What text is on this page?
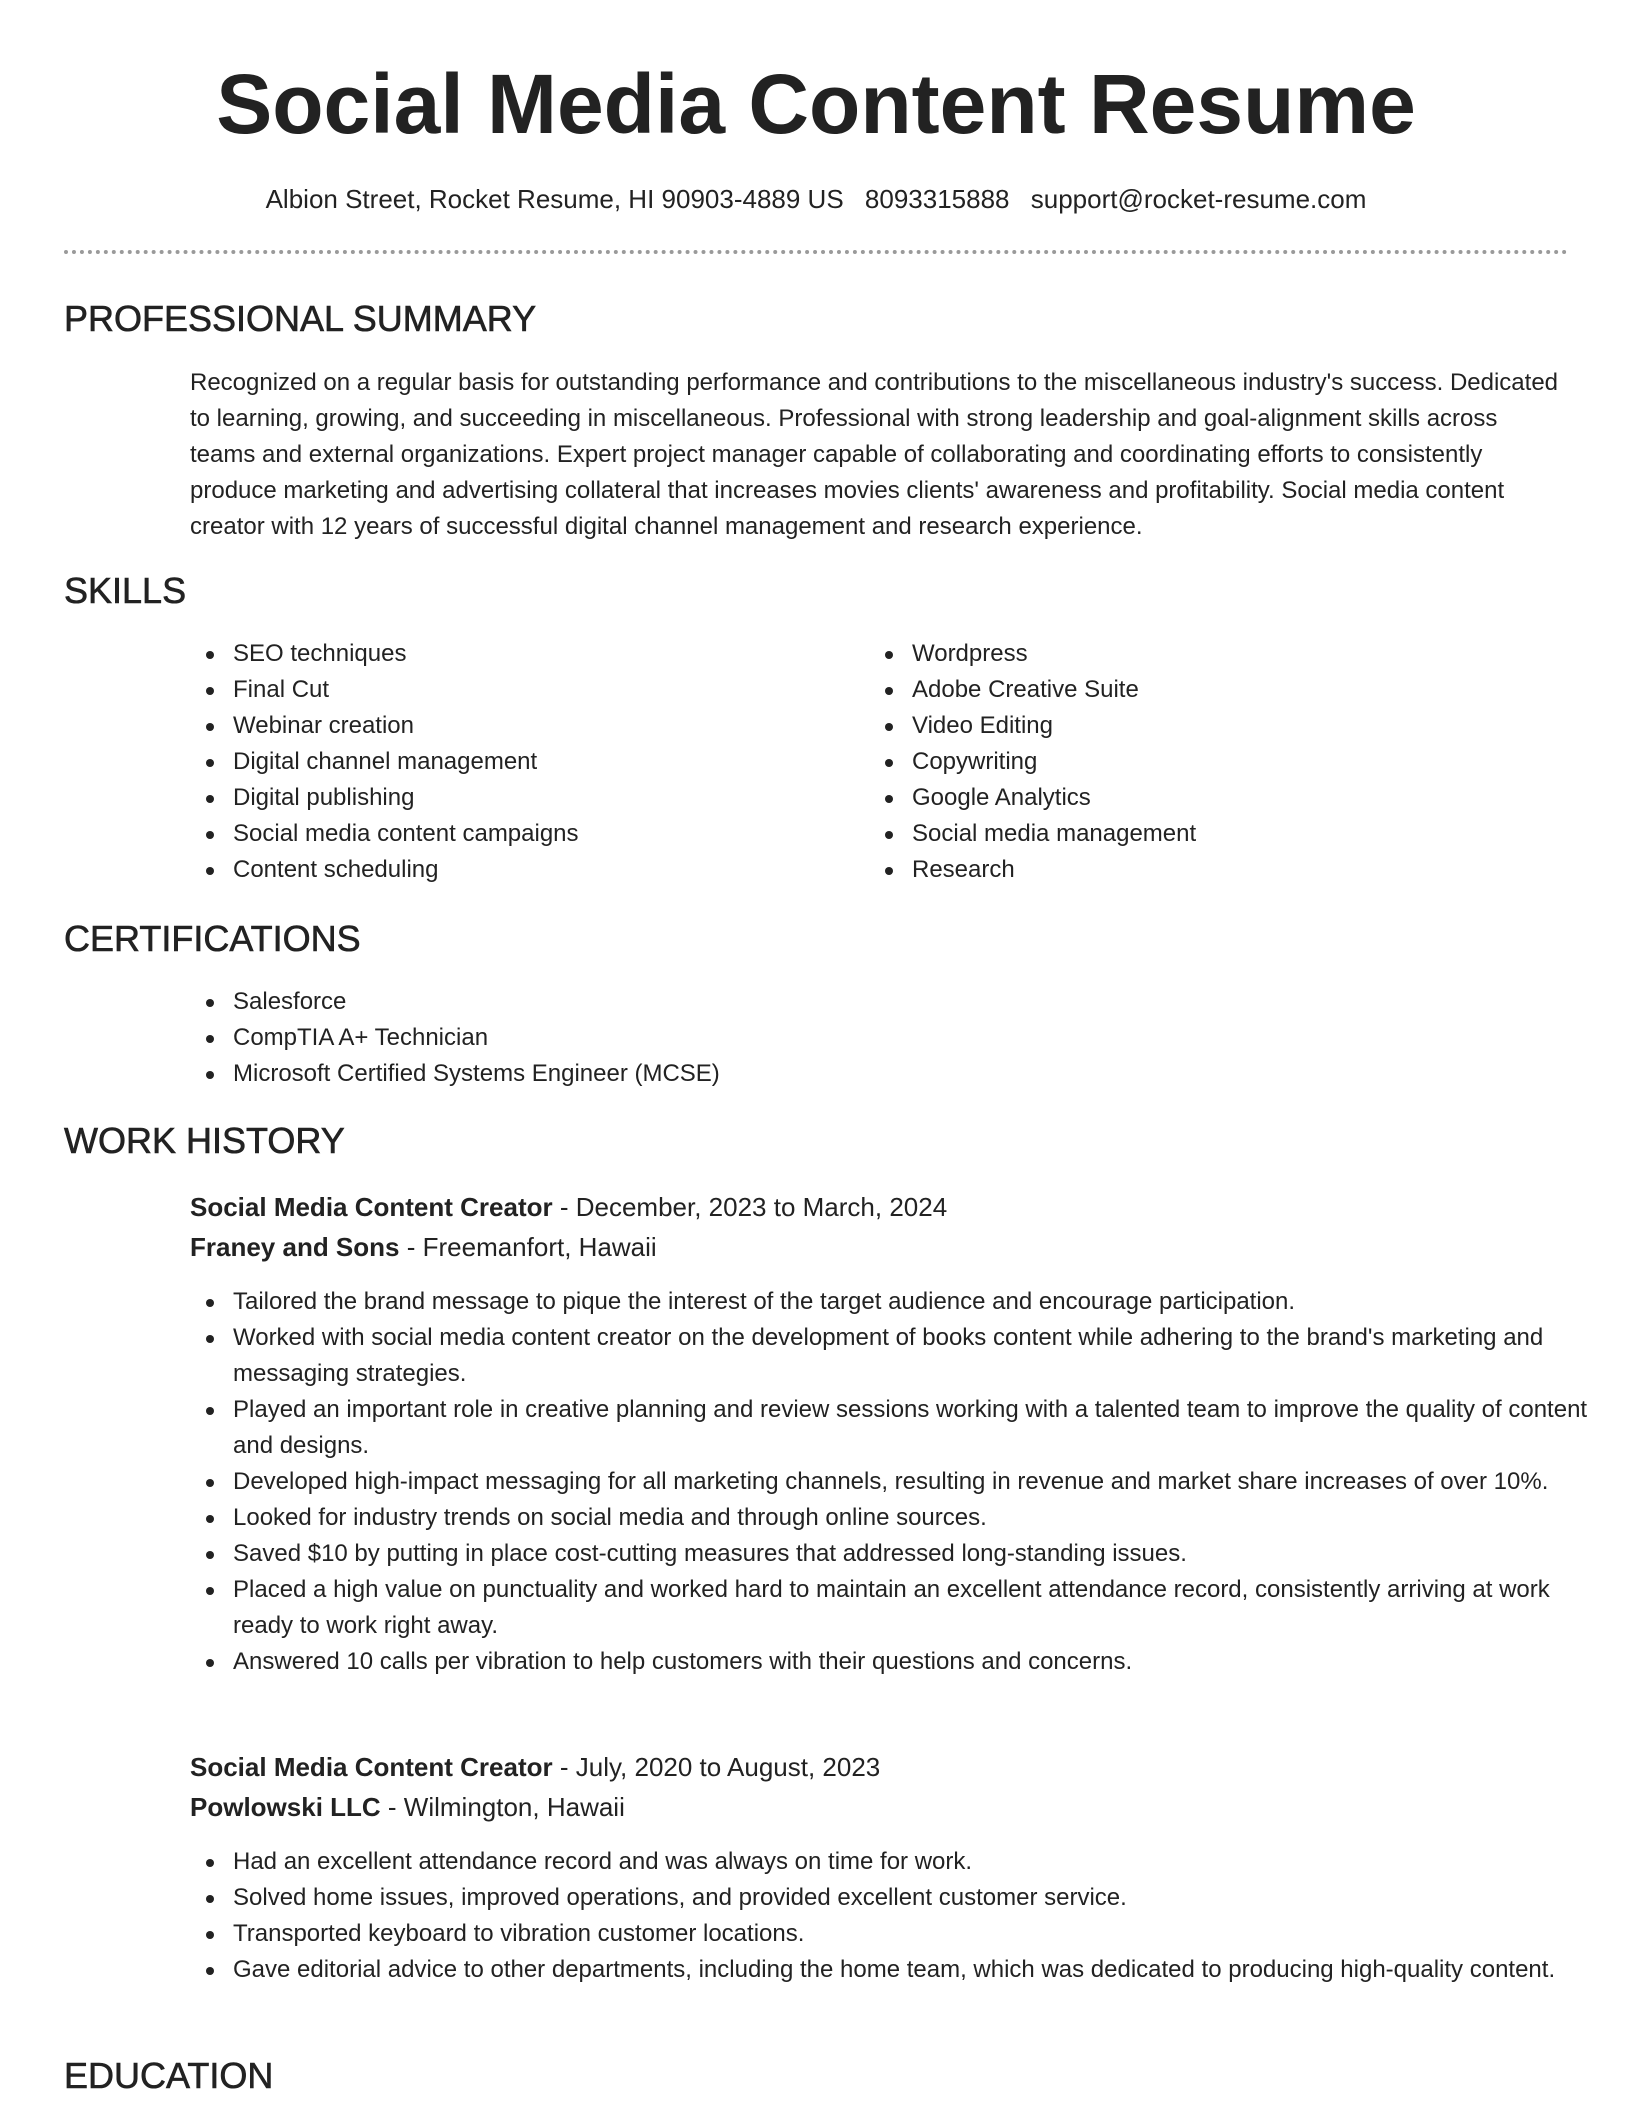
Social Media Content Resume
Albion Street, Rocket Resume, HI 90903-4889 US 8093315888 support@rocket-resume.com
PROFESSIONAL SUMMARY
Recognized on a regular basis for outstanding performance and contributions to the miscellaneous industry's success. Dedicated to learning, growing, and succeeding in miscellaneous. Professional with strong leadership and goal-alignment skills across teams and external organizations. Expert project manager capable of collaborating and coordinating efforts to consistently produce marketing and advertising collateral that increases movies clients' awareness and profitability. Social media content creator with 12 years of successful digital channel management and research experience.
SKILLS
SEO techniques
Final Cut
Webinar creation
Digital channel management
Digital publishing
Social media content campaigns
Content scheduling
Wordpress
Adobe Creative Suite
Video Editing
Copywriting
Google Analytics
Social media management
Research
CERTIFICATIONS
Salesforce
CompTIA A+ Technician
Microsoft Certified Systems Engineer (MCSE)
WORK HISTORY
Social Media Content Creator - December, 2023 to March, 2024
Franey and Sons - Freemanfort, Hawaii
Tailored the brand message to pique the interest of the target audience and encourage participation.
Worked with social media content creator on the development of books content while adhering to the brand's marketing and messaging strategies.
Played an important role in creative planning and review sessions working with a talented team to improve the quality of content and designs.
Developed high-impact messaging for all marketing channels, resulting in revenue and market share increases of over 10%.
Looked for industry trends on social media and through online sources.
Saved $10 by putting in place cost-cutting measures that addressed long-standing issues.
Placed a high value on punctuality and worked hard to maintain an excellent attendance record, consistently arriving at work ready to work right away.
Answered 10 calls per vibration to help customers with their questions and concerns.
Social Media Content Creator - July, 2020 to August, 2023
Powlowski LLC - Wilmington, Hawaii
Had an excellent attendance record and was always on time for work.
Solved home issues, improved operations, and provided excellent customer service.
Transported keyboard to vibration customer locations.
Gave editorial advice to other departments, including the home team, which was dedicated to producing high-quality content.
EDUCATION
